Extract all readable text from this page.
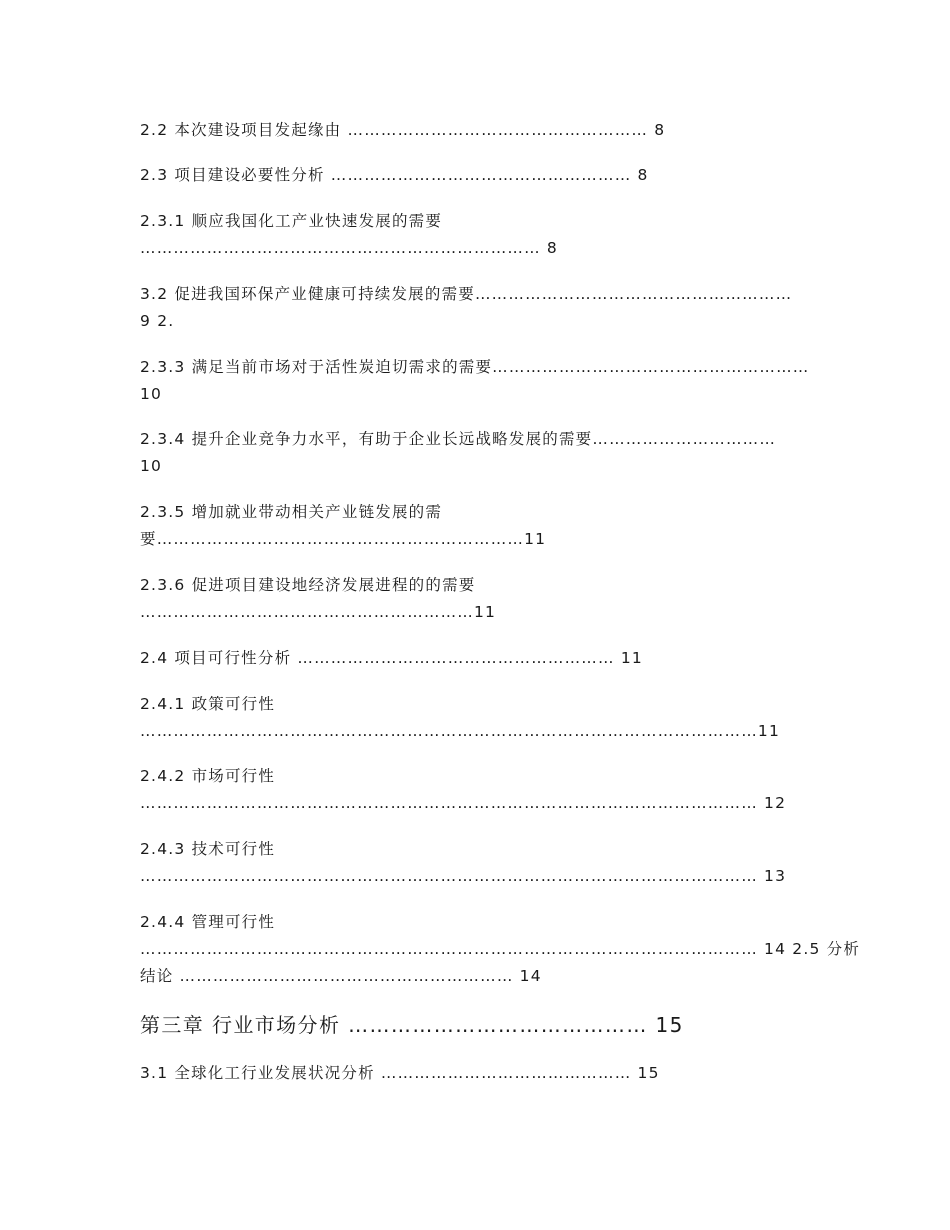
2.2 本次建设项目发起缘由 ……………………………………………… 8
2.3 项目建设必要性分析 ……………………………………………… 8
2.3.1 顺应我国化工产业快速发展的需要
……………………………………………………………… 8
3.2 促进我国环保产业健康可持续发展的需要…………………………………………………
9 2.
2.3.3 满足当前市场对于活性炭迫切需求的需要…………………………………………………
10
2.3.4 提升企业竞争力水平，有助于企业长远战略发展的需要……………………………
10
2.3.5 增加就业带动相关产业链发展的需
要…………………………………………………………11
2.3.6 促进项目建设地经济发展进程的的需要
……………………………………………………11
2.4 项目可行性分析 ………………………………………………… 11
2.4.1 政策可行性
…………………………………………………………………………………………………11
2.4.2 市场可行性
………………………………………………………………………………………………… 12
2.4.3 技术可行性
………………………………………………………………………………………………… 13
2.4.4 管理可行性
………………………………………………………………………………………………… 14 2.5 分析
结论 …………………………………………………… 14
第三章 行业市场分析 …………………………………… 15
3.1 全球化工行业发展状况分析 ……………………………………… 15
